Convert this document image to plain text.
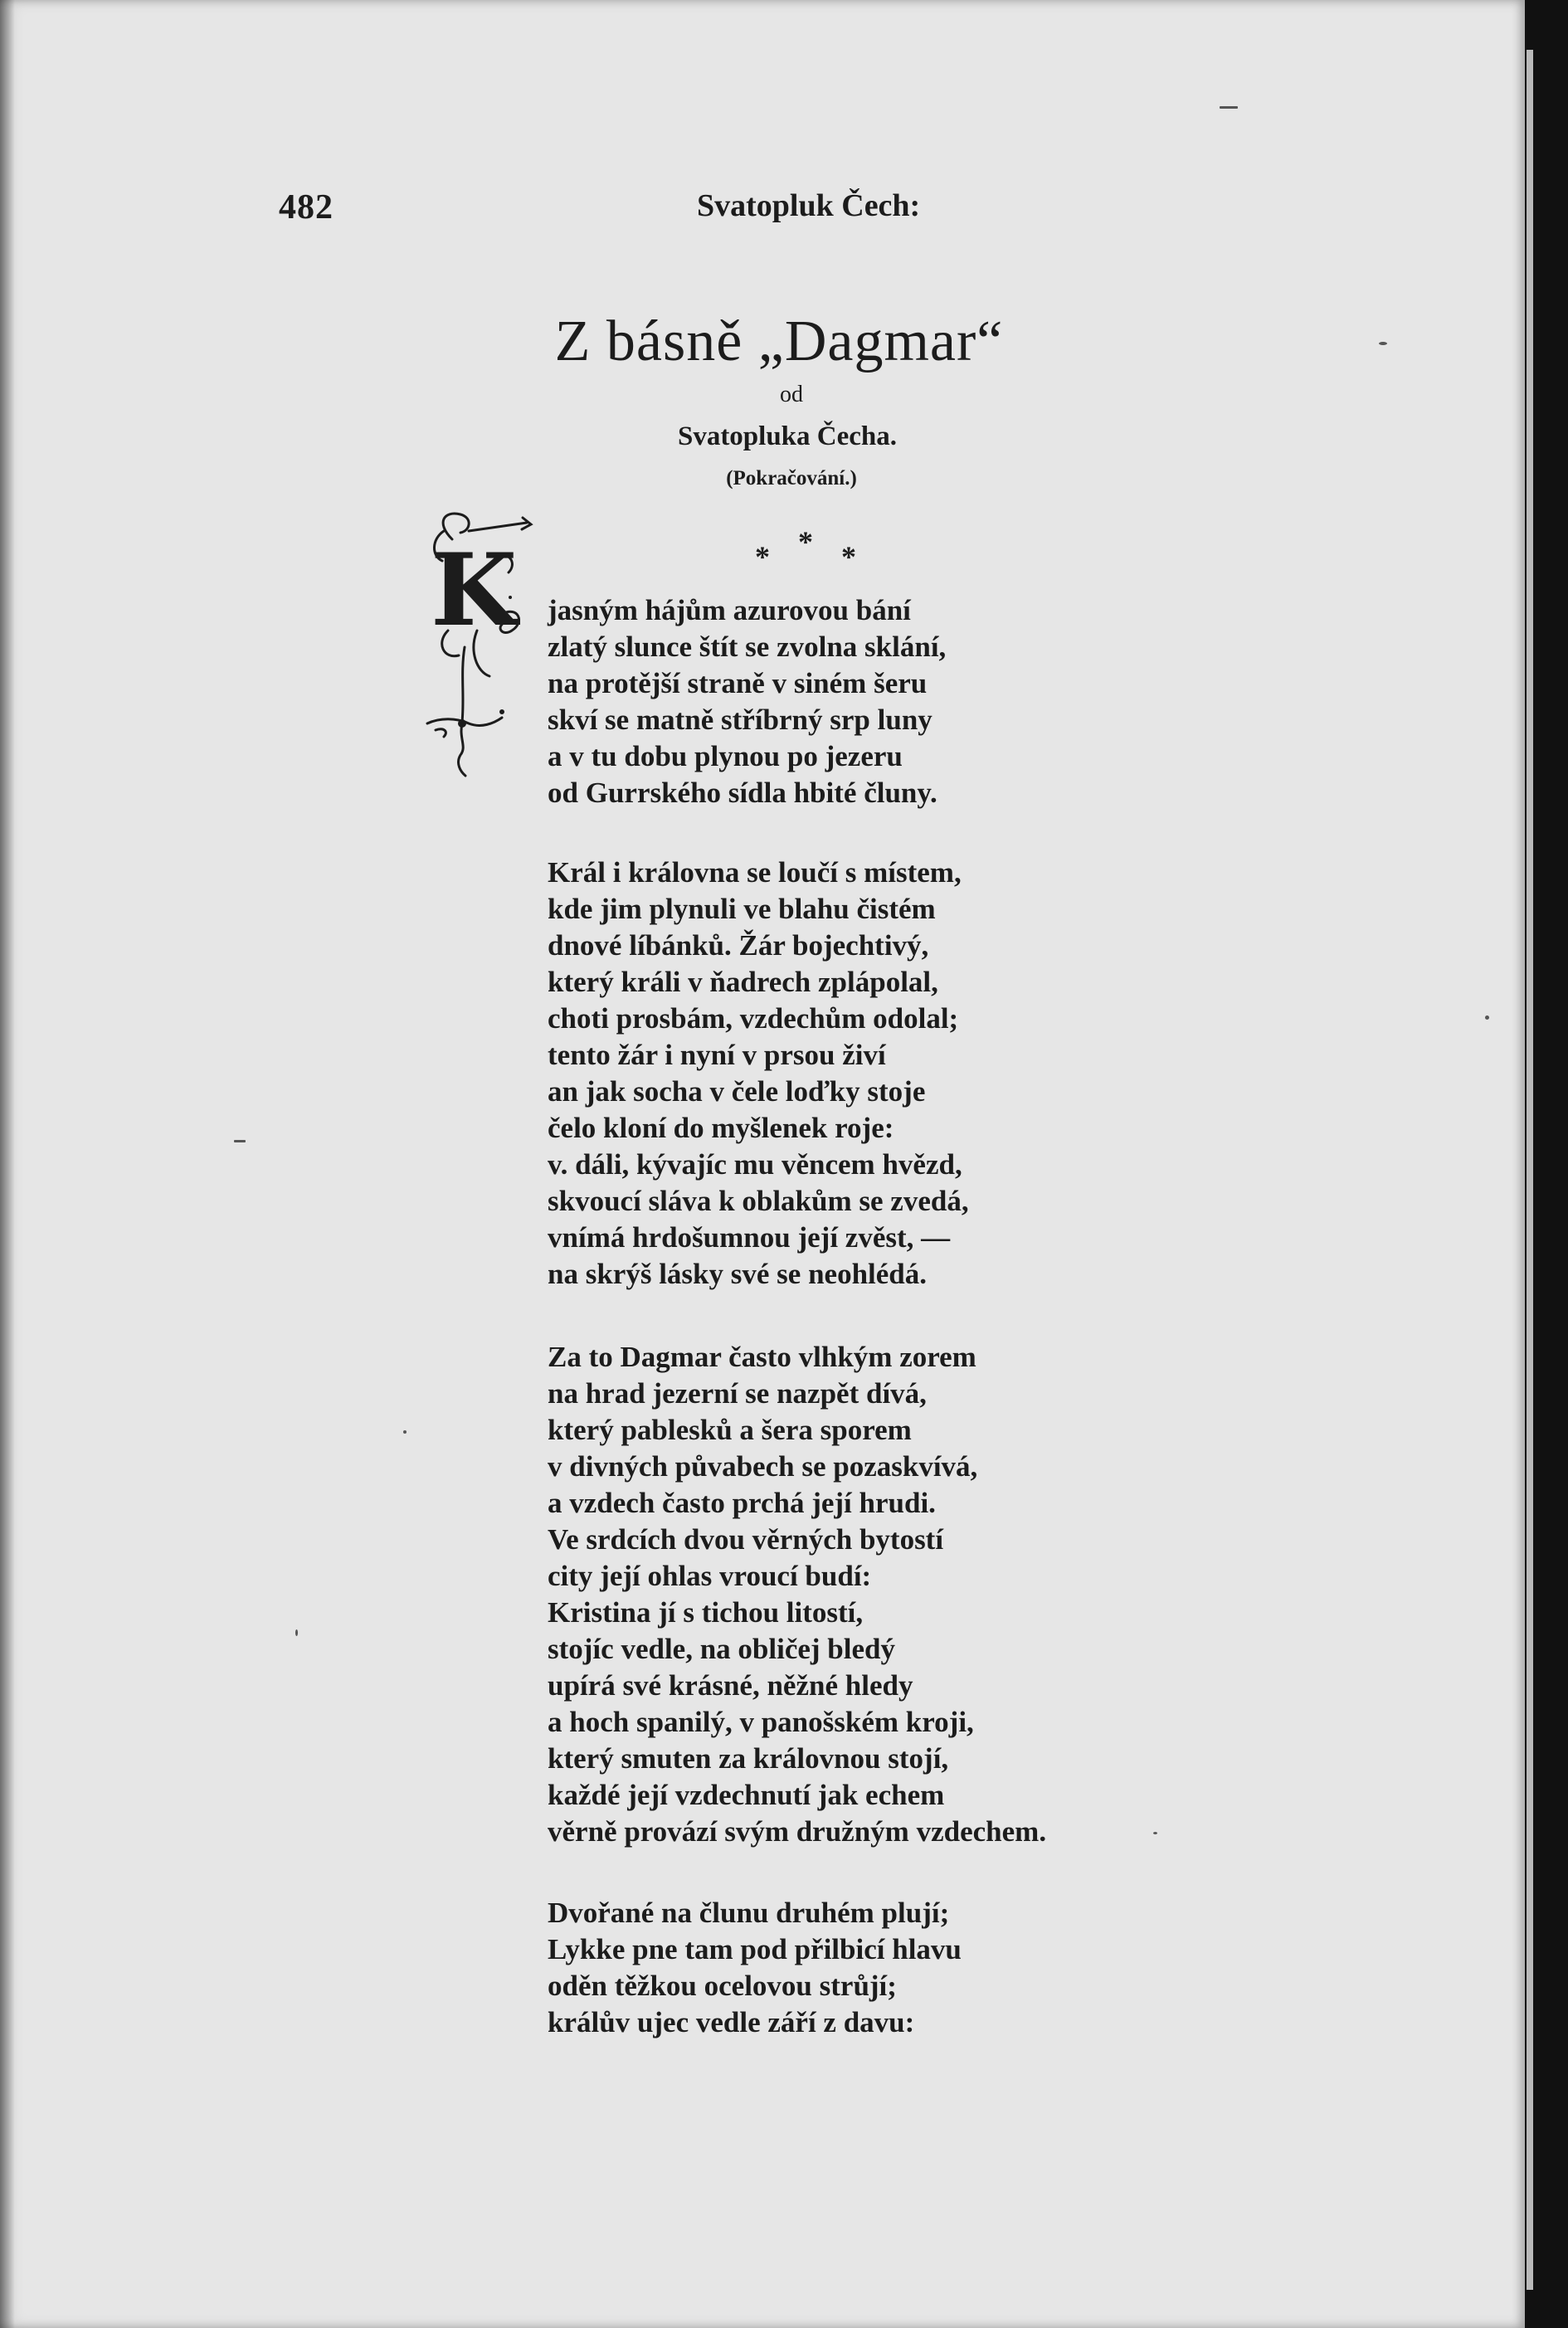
482	Svatopluk Čech:
Z básně „Dagmar“
od
Svatopluka Čecha.
(Pokračování.)
* * *
K jasným hájům azurovou bání
zlatý slunce štít se zvolna sklání,
na protější straně v siném šeru
skví se matně stříbrný srp luny
a v tu dobu plynou po jezeru
od Gurrského sídla hbité čluny.
Král i královna se loučí s místem,
kde jim plynuli ve blahu čistém
dnové líbánků. Žár bojechtivý,
který králi v ňadrech zplápolal,
choti prosbám, vzdechům odolal;
tento žár i nyní v prsou živí
an jak socha v čele loďky stoje
čelo kloní do myšlenek roje:
v. dáli, kývajíc mu věncem hvězd,
skvoucí sláva k oblakům se zvedá,
vnímá hrdošumnou její zvěst, —
na skrýš lásky své se neohlédá.
Za to Dagmar často vlhkým zorem
na hrad jezerní se nazpět dívá,
který pablesků a šera sporem
v divných půvabech se pozaskvívá,
a vzdech často prchá její hrudi.
Ve srdcích dvou věrných bytostí
city její ohlas vroucí budí:
Kristina jí s tichou litostí,
stojíc vedle, na obličej bledý
upírá své krásné, něžné hledy
a hoch spanilý, v panošském kroji,
který smuten za královnou stojí,
každé její vzdechnutí jak echem
věrně provází svým družným vzdechem.
Dvořané na člunu druhém plují;
Lykke pne tam pod přilbicí hlavu
oděn těžkou ocelovou strůjí;
králův ujec vedle září z davu:
